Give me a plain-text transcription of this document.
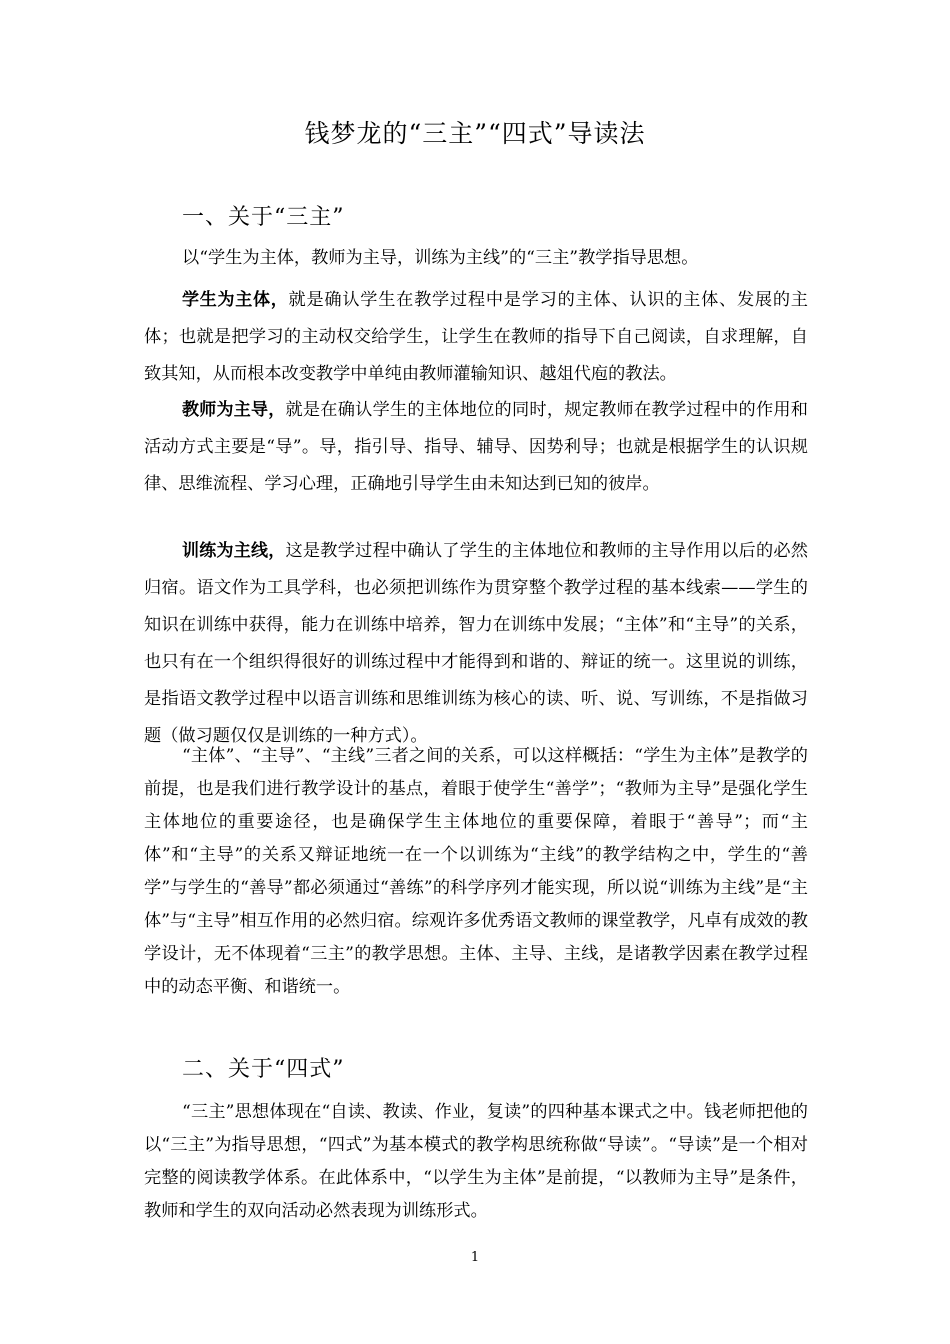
钱梦龙的“三主”“四式”导读法
一、关于“三主”

以“学生为主体，教师为主导，训练为主线”的“三主”教学指导思想。

学生为主体，就是确认学生在教学过程中是学习的主体、认识的主体、发展的主体；也就是把学习的主动权交给学生，让学生在教师的指导下自己阅读，自求理解，自致其知，从而根本改变教学中单纯由教师灌输知识、越俎代庖的教法。

教师为主导，就是在确认学生的主体地位的同时，规定教师在教学过程中的作用和活动方式主要是“导”。导，指引导、指导、辅导、因势利导；也就是根据学生的认识规律、思维流程、学习心理，正确地引导学生由未知达到已知的彼岸。

训练为主线，这是教学过程中确认了学生的主体地位和教师的主导作用以后的必然归宿。语文作为工具学科，也必须把训练作为贯穿整个教学过程的基本线索——学生的知识在训练中获得，能力在训练中培养，智力在训练中发展；“主体”和“主导”的关系，也只有在一个组织得很好的训练过程中才能得到和谐的、辩证的统一。这里说的训练，是指语文教学过程中以语言训练和思维训练为核心的读、听、说、写训练，不是指做习题（做习题仅仅是训练的一种方式）。

“主体”、“主导”、“主线”三者之间的关系，可以这样概括：“学生为主体”是教学的前提，也是我们进行教学设计的基点，着眼于使学生“善学”；“教师为主导”是强化学生主体地位的重要途径，也是确保学生主体地位的重要保障，着眼于“善导”；而“主体”和“主导”的关系又辩证地统一在一个以训练为“主线”的教学结构之中，学生的“善学”与学生的“善导”都必须通过“善练”的科学序列才能实现，所以说“训练为主线”是“主体”与“主导”相互作用的必然归宿。综观许多优秀语文教师的课堂教学，凡卓有成效的教学设计，无不体现着“三主”的教学思想。主体、主导、主线，是诸教学因素在教学过程中的动态平衡、和谐统一。

二、关于“四式”

“三主”思想体现在“自读、教读、作业，复读”的四种基本课式之中。钱老师把他的以“三主”为指导思想，“四式”为基本模式的教学构思统称做“导读”。“导读”是一个相对完整的阅读教学体系。在此体系中，“以学生为主体”是前提，“以教师为主导”是条件，教师和学生的双向活动必然表现为训练形式。

1
